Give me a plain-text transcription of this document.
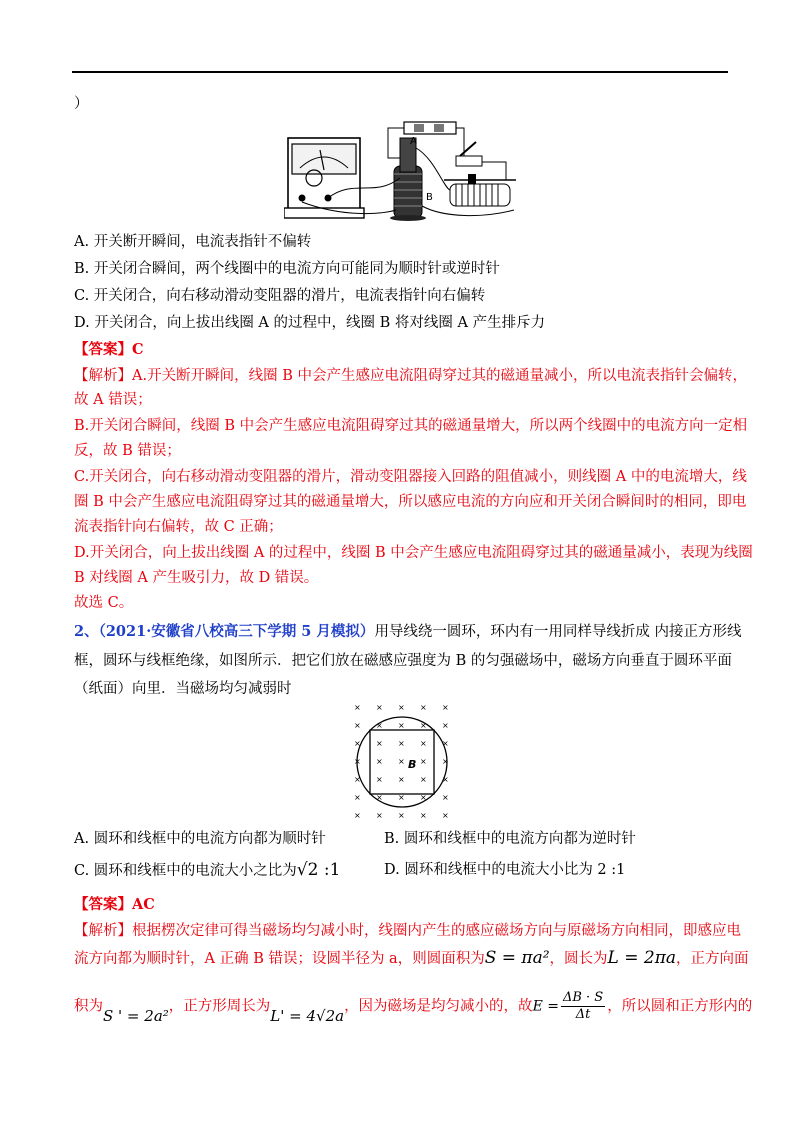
）
A
B
A. 开关断开瞬间，电流表指针不偏转
B. 开关闭合瞬间，两个线圈中的电流方向可能同为顺时针或逆时针
C. 开关闭合，向右移动滑动变阻器的滑片，电流表指针向右偏转
D. 开关闭合，向上拔出线圈 A 的过程中，线圈 B 将对线圈 A 产生排斥力
【答案】C
【解析】A.开关断开瞬间，线圈 B 中会产生感应电流阻碍穿过其的磁通量减小，所以电流表指针会偏转，
故 A 错误；
B.开关闭合瞬间，线圈 B 中会产生感应电流阻碍穿过其的磁通量增大，所以两个线圈中的电流方向一定相
反，故 B 错误；
C.开关闭合，向右移动滑动变阻器的滑片，滑动变阻器接入回路的阻值减小，则线圈 A 中的电流增大，线
圈 B 中会产生感应电流阻碍穿过其的磁通量增大，所以感应电流的方向应和开关闭合瞬间时的相同，即电
流表指针向右偏转，故 C 正确；
D.开关闭合，向上拔出线圈 A 的过程中，线圈 B 中会产生感应电流阻碍穿过其的磁通量减小，表现为线圈
B 对线圈 A 产生吸引力，故 D 错误。
故选 C。
2、（2021·安徽省八校高三下学期 5 月模拟）用导线绕一圆环，环内有一用同样导线折成 内接正方形线
框，圆环与线框绝缘，如图所示．把它们放在磁感应强度为 B 的匀强磁场中，磁场方向垂直于圆环平面
（纸面）向里．当磁场均匀减弱时
× × × × ×
× × × × ×
× × × × ×
× × × × ×
× × × × ×
× × × × ×
× × × × ×
B
A. 圆环和线框中的电流方向都为顺时针	B. 圆环和线框中的电流方向都为逆时针
C. 圆环和线框中的电流大小之比为√2 :1	D. 圆环和线框中的电流大小比为 2 :1
【答案】AC
【解析】根据楞次定律可得当磁场均匀减小时，线圈内产生的感应磁场方向与原磁场方向相同，即感应电
流方向都为顺时针，A 正确 B 错误；设圆半径为 a，则圆面积为S = πa²，圆长为L = 2πa，正方向面
积为S ' = 2a²，正方形周长为L' = 4√2a，因为磁场是均匀减小的，故$E = \frac{\Delta B \cdot S}{\Delta t}$ ，所以圆和正方形内的
